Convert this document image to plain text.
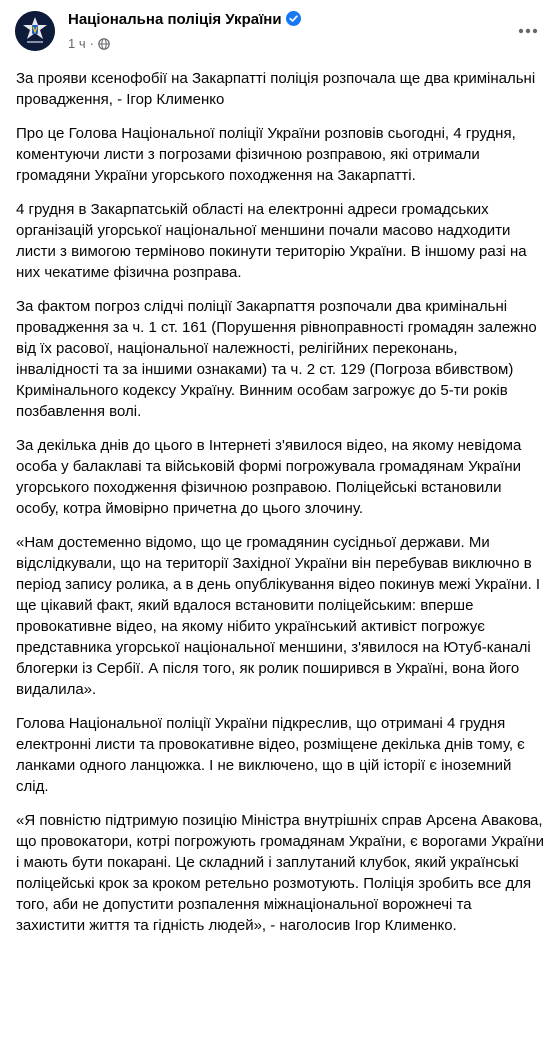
Національна поліція України
1 ч ·

За прояви ксенофобії на Закарпатті поліція розпочала ще два кримінальні провадження, - Ігор Клименко

Про це Голова Національної поліції України розповів сьогодні, 4 грудня, коментуючи листи з погрозами фізичною розправою, які отримали громадяни України угорського походження на Закарпатті.

4 грудня в Закарпатській області на електронні адреси громадських організацій угорської національної меншини почали масово надходити листи з вимогою терміново покинути територію України. В іншому разі на них чекатиме фізична розправа.

За фактом погроз слідчі поліції Закарпаття розпочали два кримінальні провадження за ч. 1 ст. 161 (Порушення рівноправності громадян залежно від їх расової, національної належності, релігійних переконань, інвалідності та за іншими ознаками) та ч. 2 ст. 129 (Погроза вбивством) Кримінального кодексу Україну. Винним особам загрожує до 5-ти років позбавлення волі.

За декілька днів до цього в Інтернеті з'явилося відео, на якому невідома особа у балаклаві та військовій формі погрожувала громадянам України угорського походження фізичною розправою. Поліцейські встановили особу, котра ймовірно причетна до цього злочину.

«Нам достеменно відомо, що це громадянин сусідньої держави. Ми відслідкували, що на території Західної України він перебував виключно в період запису ролика, а в день опублікування відео покинув межі України. І ще цікавий факт, який вдалося встановити поліцейським: вперше провокативне відео, на якому нібито український активіст погрожує представника угорської національної меншини, з'явилося на Ютуб-каналі блогерки із Сербії. А після того, як ролик поширився в Україні, вона його видалила».

Голова Національної поліції України підкреслив, що отримані 4 грудня електронні листи та провокативне відео, розміщене декілька днів тому, є ланками одного ланцюжка. І не виключено, що в цій історії є іноземний слід.

«Я повністю підтримую позицію Міністра внутрішніх справ Арсена Авакова, що провокатори, котрі погрожують громадянам України, є ворогами України і мають бути покарані. Це складний і заплутаний клубок, який українські поліцейські крок за кроком ретельно розмотують. Поліція зробить все для того, аби не допустити розпалення міжнаціональної ворожнечі та захистити життя та гідність людей», - наголосив Ігор Клименко.
